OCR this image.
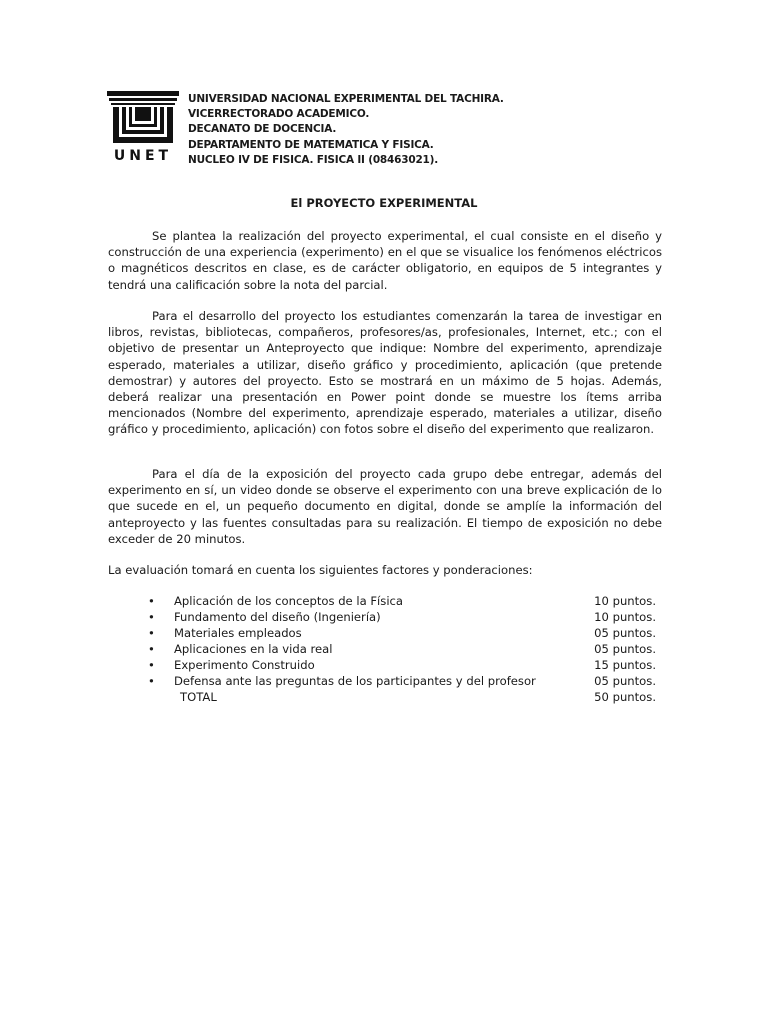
UNET
UNIVERSIDAD NACIONAL EXPERIMENTAL DEL TACHIRA.
VICERRECTORADO ACADEMICO.
DECANATO DE DOCENCIA.
DEPARTAMENTO DE MATEMATICA Y FISICA.
NUCLEO IV DE FISICA. FISICA II (08463021).
El PROYECTO EXPERIMENTAL

Se plantea la realización del proyecto experimental, el cual consiste en el diseño y construcción de una experiencia (experimento) en el que se visualice los fenómenos eléctricos o magnéticos descritos en clase, es de carácter obligatorio, en equipos de 5 integrantes y tendrá una calificación sobre la nota del parcial.

Para el desarrollo del proyecto los estudiantes comenzarán la tarea de investigar en libros, revistas, bibliotecas, compañeros, profesores/as, profesionales, Internet, etc.; con el objetivo de presentar un Anteproyecto que indique: Nombre del experimento, aprendizaje esperado, materiales a utilizar, diseño gráfico y procedimiento, aplicación (que pretende demostrar) y autores del proyecto. Esto se mostrará en un máximo de 5 hojas. Además, deberá realizar una presentación en Power point donde se muestre los ítems arriba mencionados (Nombre del experimento, aprendizaje esperado, materiales a utilizar, diseño gráfico y procedimiento, aplicación) con fotos sobre el diseño del experimento que realizaron.

Para el día de la exposición del proyecto cada grupo debe entregar, además del experimento en sí, un video donde se observe el experimento con una breve explicación de lo que sucede en el, un pequeño documento en digital, donde se amplíe la información del anteproyecto y las fuentes consultadas para su realización. El tiempo de exposición no debe exceder de 20 minutos.

La evaluación tomará en cuenta los siguientes factores y ponderaciones:

• Aplicación de los conceptos de la Física	10 puntos.
• Fundamento del diseño (Ingeniería)	10 puntos.
• Materiales empleados	05 puntos.
• Aplicaciones en la vida real	05 puntos.
• Experimento Construido	15 puntos.
• Defensa ante las preguntas de los participantes y del profesor	05 puntos.
TOTAL	50 puntos.
